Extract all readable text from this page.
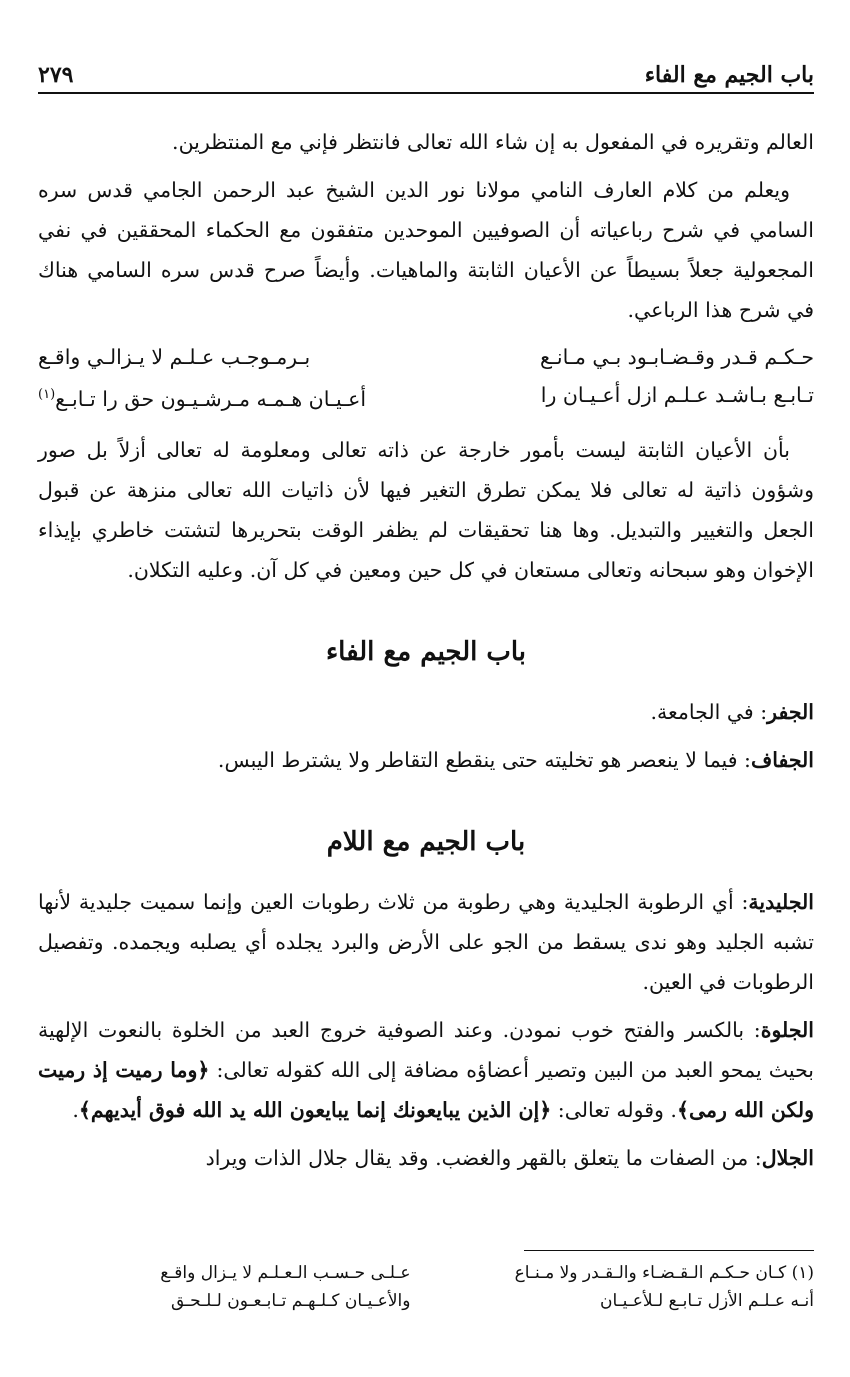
باب الجيم مع الفاء
٢٧٩

العالم وتقريره في المفعول به إن شاء الله تعالى فانتظر فإني مع المنتظرين.

ويعلم من كلام العارف النامي مولانا نور الدين الشيخ عبد الرحمن الجامي قدس سره السامي في شرح رباعياته أن الصوفيين الموحدين متفقون مع الحكماء المحققين في نفي المجعولية جعلاً بسيطاً عن الأعيان الثابتة والماهيات. وأيضاً صرح قدس سره السامي هناك في شرح هذا الرباعي.

حـكـم قـدر وقـضـابـود بـي مـانـع
بـرمـوجـب عـلـم لا يـزالـي واقـع
تـابـع بـاشـد عـلـم ازل أعـيـان را
أعـيـان هـمـه مـرشـيـون حق را تـابـع$^{(١)}$

بأن الأعيان الثابتة ليست بأمور خارجة عن ذاته تعالى ومعلومة له تعالى أزلاً بل صور وشؤون ذاتية له تعالى فلا يمكن تطرق التغير فيها لأن ذاتيات الله تعالى منزهة عن قبول الجعل والتغيير والتبديل. وها هنا تحقيقات لم يظفر الوقت بتحريرها لتشتت خاطري بإيذاء الإخوان وهو سبحانه وتعالى مستعان في كل حين ومعين في كل آن. وعليه التكلان.

باب الجيم مع الفاء

الجفر: في الجامعة.

الجفاف: فيما لا ينعصر هو تخليته حتى ينقطع التقاطر ولا يشترط اليبس.

باب الجيم مع اللام

الجليدية: أي الرطوبة الجليدية وهي رطوبة من ثلاث رطوبات العين وإنما سميت جليدية لأنها تشبه الجليد وهو ندى يسقط من الجو على الأرض والبرد يجلده أي يصلبه ويجمده. وتفصيل الرطوبات في العين.

الجلوة: بالكسر والفتح خوب نمودن. وعند الصوفية خروج العبد من الخلوة بالنعوت الإلهية بحيث يمحو العبد من البين وتصير أعضاؤه مضافة إلى الله كقوله تعالى: ﴿وما رميت إذ رميت ولكن الله رمى﴾. وقوله تعالى: ﴿إن الذين يبايعونك إنما يبايعون الله يد الله فوق أيديهم﴾.

الجلال: من الصفات ما يتعلق بالقهر والغضب. وقد يقال جلال الذات ويراد

(١) كـان حـكـم الـقـضـاء والـقـدر ولا مـنـاع
عـلـى حـسـب الـعـلـم لا يـزال واقـع
أنـه عـلـم الأزل تـابـع لـلأعـيـان
والأعـيـان كـلـهـم تـابـعـون لـلـحـق
